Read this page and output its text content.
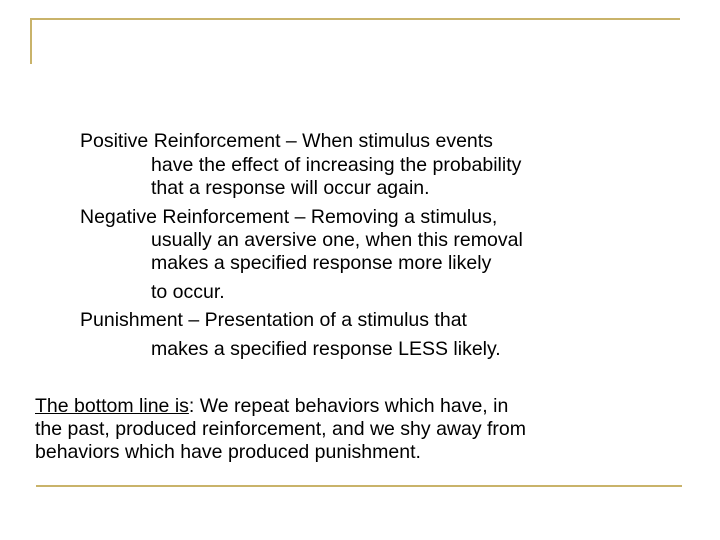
Positive Reinforcement – When stimulus events
have the effect of increasing the probability
that a response will occur again.
Negative Reinforcement – Removing a stimulus,
usually an aversive one, when this removal
makes a specified response more likely
to occur.
Punishment – Presentation of a stimulus that
makes a specified response LESS likely.
The bottom line is: We repeat behaviors which have, in
the past, produced reinforcement, and we shy away from
behaviors which have produced punishment.
